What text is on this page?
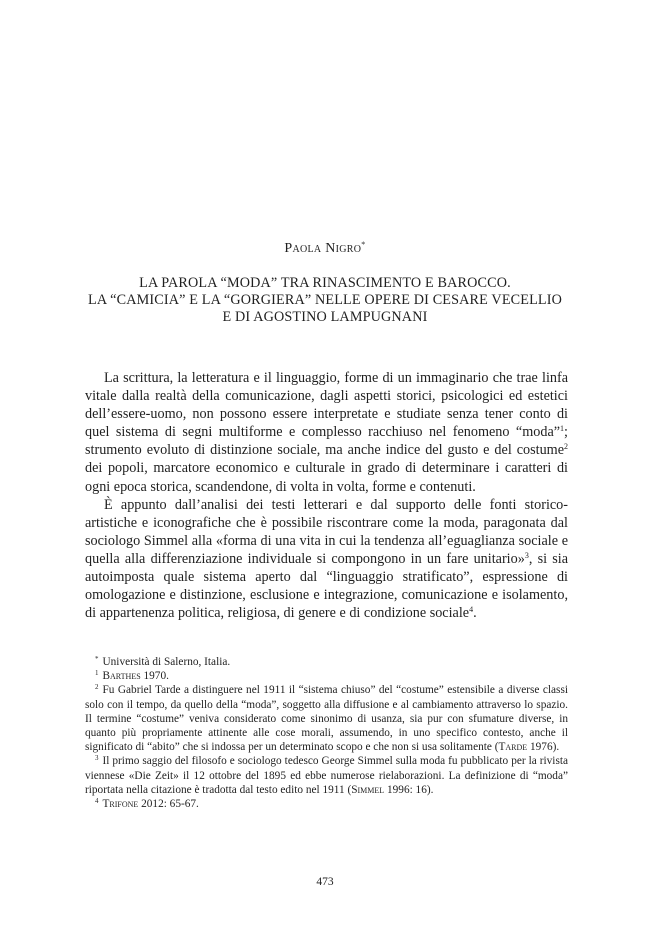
Paola Nigro*
LA PAROLA “MODA” TRA RINASCIMENTO E BAROCCO.
LA “CAMICIA” E LA “GORGIERA” NELLE OPERE DI CESARE VECELLIO
E DI AGOSTINO LAMPUGNANI

La scrittura, la letteratura e il linguaggio, forme di un immaginario che trae linfa vitale dalla realtà della comunicazione, dagli aspetti storici, psicologici ed estetici dell’essere-uomo, non possono essere interpretate e studiate senza tener conto di quel sistema di segni multiforme e complesso racchiuso nel fenomeno “moda”$^1$; strumento evoluto di distinzione sociale, ma anche indice del gusto e del costume$^2$ dei popoli, marcatore economico e culturale in grado di determinare i caratteri di ogni epoca storica, scandendone, di volta in volta, forme e contenuti.

È appunto dall’analisi dei testi letterari e dal supporto delle fonti storico-artistiche e iconografiche che è possibile riscontrare come la moda, paragonata dal sociologo Simmel alla «forma di una vita in cui la tendenza all’eguaglianza sociale e quella alla differenziazione individuale si compongono in un fare unitario»$^3$, si sia autoimposta quale sistema aperto dal “linguaggio stratificato”, espressione di omologazione e distinzione, esclusione e integrazione, comunicazione e isolamento, di appartenenza politica, religiosa, di genere e di condizione sociale$^4$.

* Università di Salerno, Italia.

$^1$ Barthes 1970.

$^2$ Fu Gabriel Tarde a distinguere nel 1911 il “sistema chiuso” del “costume” estensibile a diverse classi solo con il tempo, da quello della “moda”, soggetto alla diffusione e al cambiamento attraverso lo spazio. Il termine “costume” veniva considerato come sinonimo di usanza, sia pur con sfumature diverse, in quanto più propriamente attinente alle cose morali, assumendo, in uno specifico contesto, anche il significato di “abito” che si indossa per un determinato scopo e che non si usa solitamente (Tarde 1976).

$^3$ Il primo saggio del filosofo e sociologo tedesco George Simmel sulla moda fu pubblicato per la rivista viennese «Die Zeit» il 12 ottobre del 1895 ed ebbe numerose rielaborazioni. La definizione di “moda” riportata nella citazione è tradotta dal testo edito nel 1911 (Simmel 1996: 16).

$^4$ Trifone 2012: 65-67.

473
